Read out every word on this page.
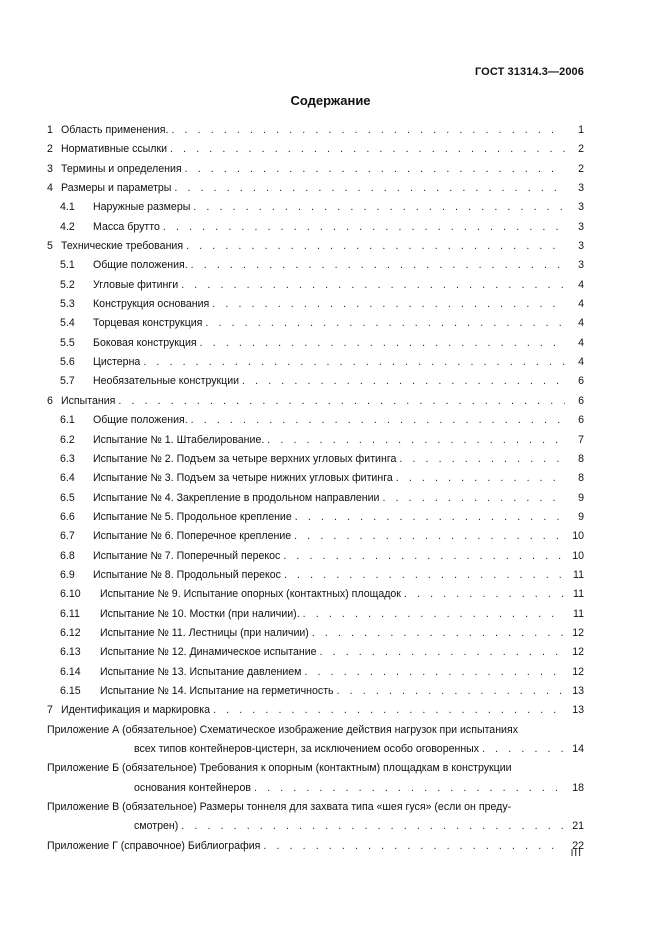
ГОСТ 31314.3—2006
Содержание
1 Область применения. . . .	1
2 Нормативные ссылки . . .	2
3 Термины и определения . . .	2
4 Размеры и параметры . . .	3
4.1	Наружные размеры . . .	3
4.2	Масса брутто . . .	3
5 Технические требования . . .	3
5.1	Общие положения. . . .	3
5.2	Угловые фитинги . . .	4
5.3	Конструкция основания . . .	4
5.4	Торцевая конструкция . . .	4
5.5	Боковая конструкция . . .	4
5.6	Цистерна . . .	4
5.7	Необязательные конструкции . . .	6
6 Испытания . . .	6
6.1	Общие положения. . . .	6
6.2	Испытание № 1. Штабелирование. . . .	7
6.3	Испытание № 2. Подъем за четыре верхних угловых фитинга . . .	8
6.4	Испытание № 3. Подъем за четыре нижних угловых фитинга . . .	8
6.5	Испытание № 4. Закрепление в продольном направлении . . .	9
6.6	Испытание № 5. Продольное крепление . . .	9
6.7	Испытание № 6. Поперечное крепление . . .	10
6.8	Испытание № 7. Поперечный перекос . . .	10
6.9	Испытание № 8. Продольный перекос . . .	11
6.10	Испытание № 9. Испытание опорных (контактных) площадок . . .	11
6.11	Испытание № 10. Мостки (при наличии). . . .	11
6.12	Испытание № 11. Лестницы (при наличии) . . .	12
6.13	Испытание № 12. Динамическое испытание . . .	12
6.14	Испытание № 13. Испытание давлением . . .	12
6.15	Испытание № 14. Испытание на герметичность . . .	13
7 Идентификация и маркировка . . .	13
Приложение А (обязательное) Схематическое изображение действия нагрузок при испытаниях
всех типов контейнеров-цистерн, за исключением особо оговоренных . . .	14
Приложение Б (обязательное) Требования к опорным (контактным) площадкам в конструкции
основания контейнеров . . .	18
Приложение В (обязательное) Размеры тоннеля для захвата типа «шея гуся» (если он преду-
смотрен) . . .	21
Приложение Г (справочное) Библиография . . .	22
III
